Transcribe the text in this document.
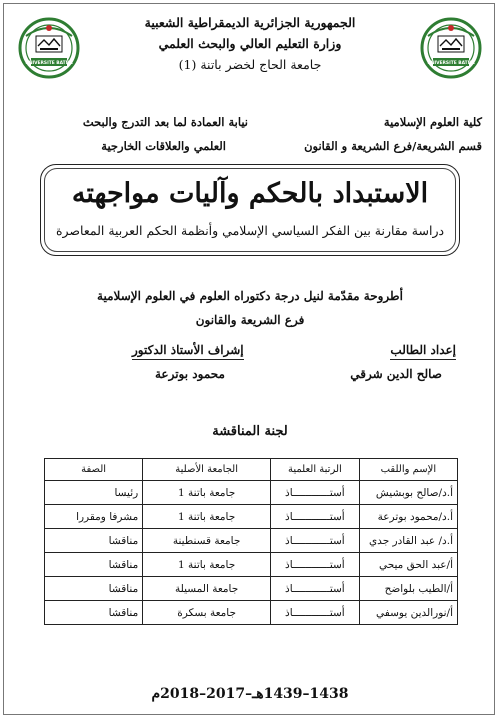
UNIVERSITE BATNA	UNIVERSITE BATNA
الجمهورية الجزائرية الديمقراطية الشعبية
وزارة التعليم العالي والبحث العلمي
جامعة الحاج لخضر باتنة (1)
كلية العلوم الإسلامية
قسم الشريعة/فرع الشريعة و القانون
نيابة العمادة لما بعد التدرج والبحث
العلمي والعلاقات الخارجية
الاستبداد بالحكم وآليات مواجهته
دراسة مقارنة بين الفكر السياسي الإسلامي وأنظمة الحكم العربية المعاصرة
أطروحة مقدّمة لنيل درجة دكتوراه العلوم في العلوم الإسلامية
فرع الشريعة والقانون
إعداد الطالب
إشراف الأستاذ الدكتور
صالح الدين شرقي
محمود بوترعة
لجنة المناقشة
الإسم واللقب	الرتبة العلمية	الجامعة الأصلية	الصفة
أ.د/صالح بوبشيش	أستــــــــــــاذ	جامعة باتنة 1	رئيسا
أ.د/محمود بوترعة	أستــــــــــــاذ	جامعة باتنة 1	مشرفا ومقررا
أ.د/ عبد القادر جدي	أستــــــــــــاذ	جامعة قسنطينة	مناقشا
أ/عبد الحق ميحي	أستــــــــــــاذ	جامعة باتنة 1	مناقشا
أ/الطيب بلواضح	أستــــــــــــاذ	جامعة المسيلة	مناقشا
أ/نورالدين يوسفي	أستــــــــــــاذ	جامعة بسكرة	مناقشا
1438–1439هـ–2017–2018م
